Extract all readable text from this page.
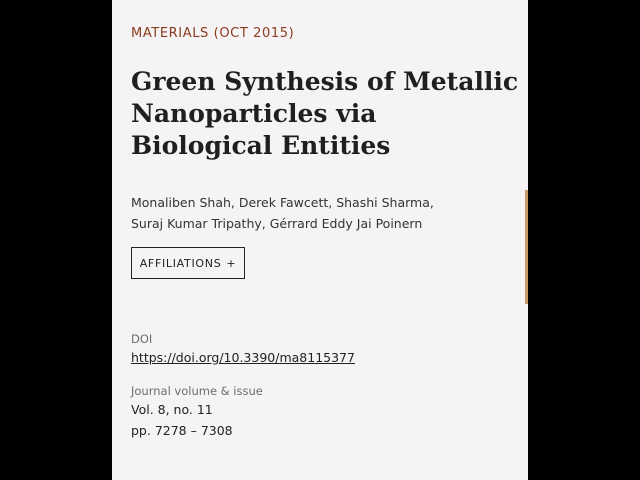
MATERIALS (OCT 2015)
Green Synthesis of Metallic Nanoparticles via Biological Entities
Monaliben Shah, Derek Fawcett, Shashi Sharma,
Suraj Kumar Tripathy, Gérrard Eddy Jai Poinern
AFFILIATIONS +
DOI
https://doi.org/10.3390/ma8115377
Journal volume & issue
Vol. 8, no. 11
pp. 7278 – 7308
